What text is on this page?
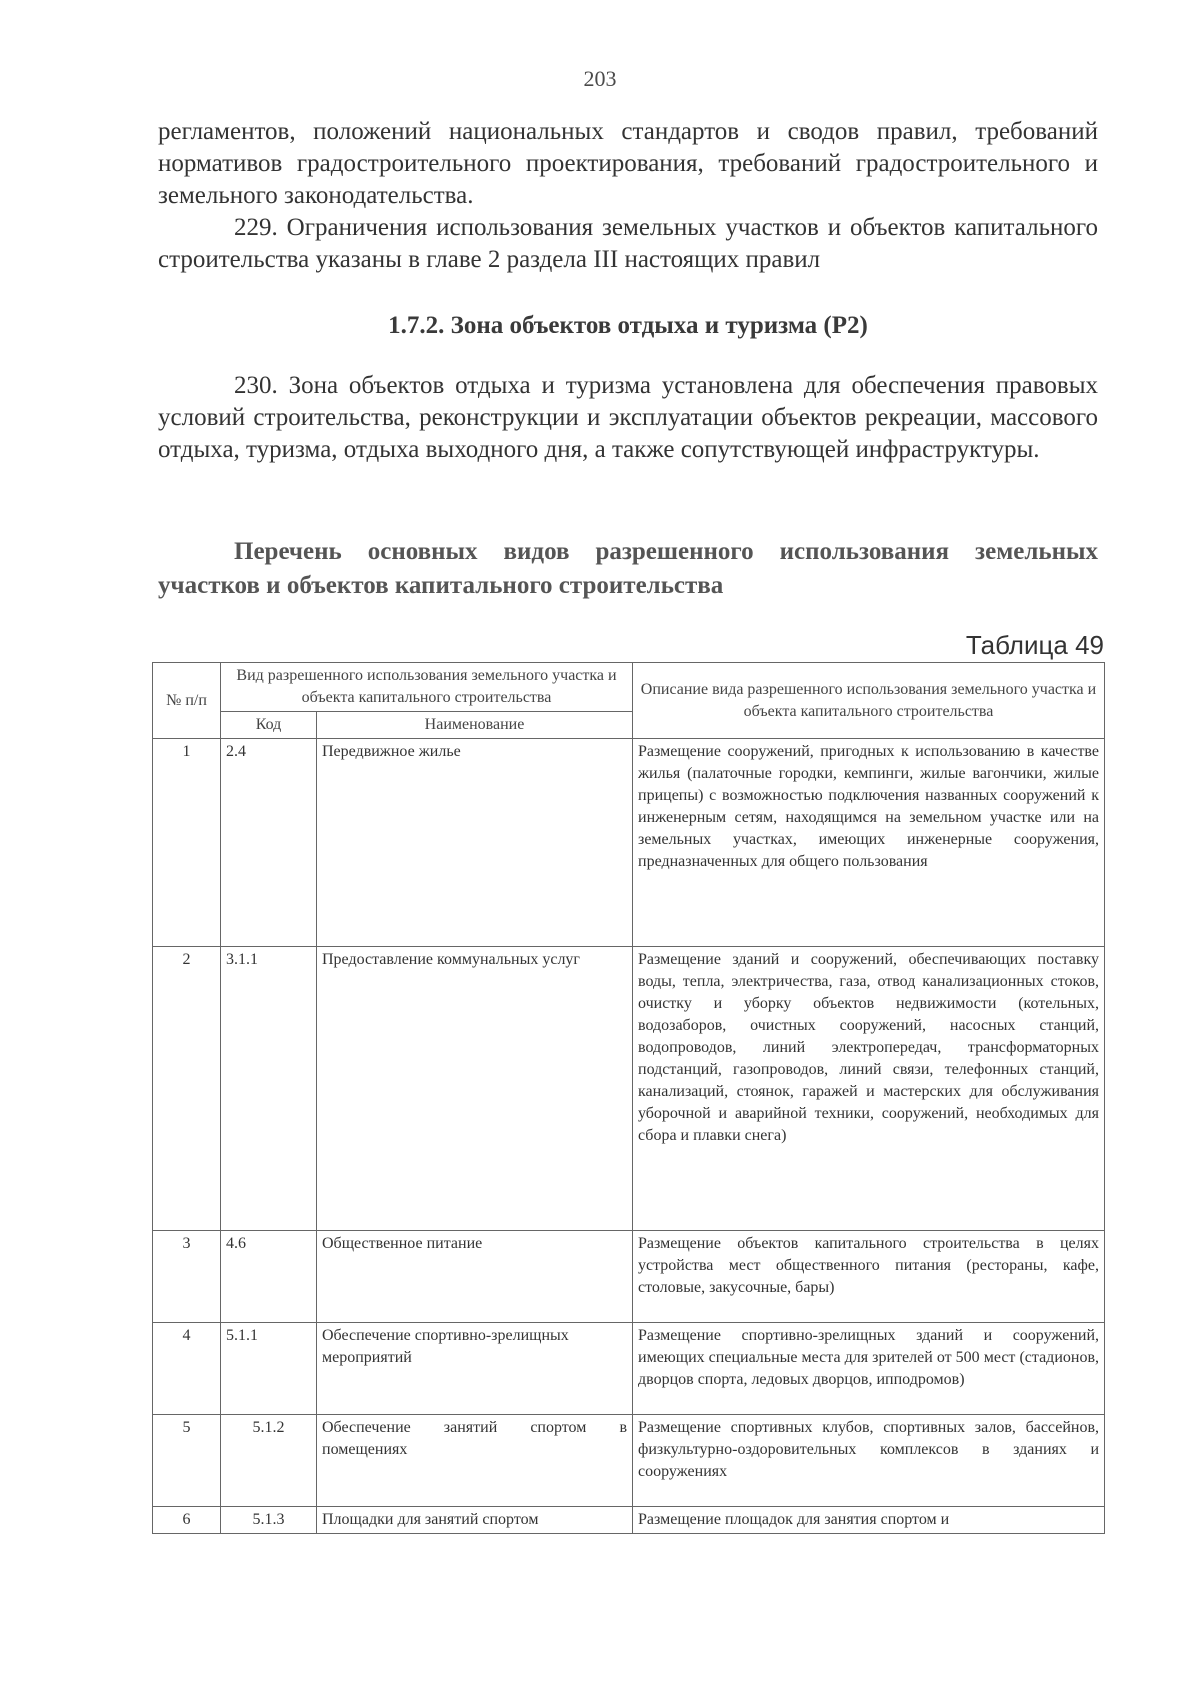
203

регламентов, положений национальных стандартов и сводов правил, требований нормативов градостроительного проектирования, требований градостроительного и земельного законодательства.

229. Ограничения использования земельных участков и объектов капитального строительства указаны в главе 2 раздела III настоящих правил

1.7.2. Зона объектов отдыха и туризма (Р2)

230. Зона объектов отдыха и туризма установлена для обеспечения правовых условий строительства, реконструкции и эксплуатации объектов рекреации, массового отдыха, туризма, отдыха выходного дня, а также сопутствующей инфраструктуры.

Перечень основных видов разрешенного использования земельных участков и объектов капитального строительства
Таблица 49
№ п/п	Вид разрешенного использования земельного участка и объекта капитального строительства		Описание вида разрешенного использования земельного участка и объекта капитального строительства
	Код	Наименование	
1	2.4	Передвижное жилье	Размещение сооружений, пригодных к использованию в качестве жилья (палаточные городки, кемпинги, жилые вагончики, жилые прицепы) с возможностью подключения названных сооружений к инженерным сетям, находящимся на земельном участке или на земельных участках, имеющих инженерные сооружения, предназначенных для общего пользования
2	3.1.1	Предоставление коммунальных услуг	Размещение зданий и сооружений, обеспечивающих поставку воды, тепла, электричества, газа, отвод канализационных стоков, очистку и уборку объектов недвижимости (котельных, водозаборов, очистных сооружений, насосных станций, водопроводов, линий электропередач, трансформаторных подстанций, газопроводов, линий связи, телефонных станций, канализаций, стоянок, гаражей и мастерских для обслуживания уборочной и аварийной техники, сооружений, необходимых для сбора и плавки снега)
3	4.6	Общественное питание	Размещение объектов капитального строительства в целях устройства мест общественного питания (рестораны, кафе, столовые, закусочные, бары)
4	5.1.1	Обеспечение спортивно-зрелищных мероприятий	Размещение спортивно-зрелищных зданий и сооружений, имеющих специальные места для зрителей от 500 мест (стадионов, дворцов спорта, ледовых дворцов, ипподромов)
5	5.1.2	Обеспечение занятий спортом в помещениях	Размещение спортивных клубов, спортивных залов, бассейнов, физкультурно-оздоровительных комплексов в зданиях и сооружениях
6	5.1.3	Площадки для занятий спортом	Размещение площадок для занятия спортом и
